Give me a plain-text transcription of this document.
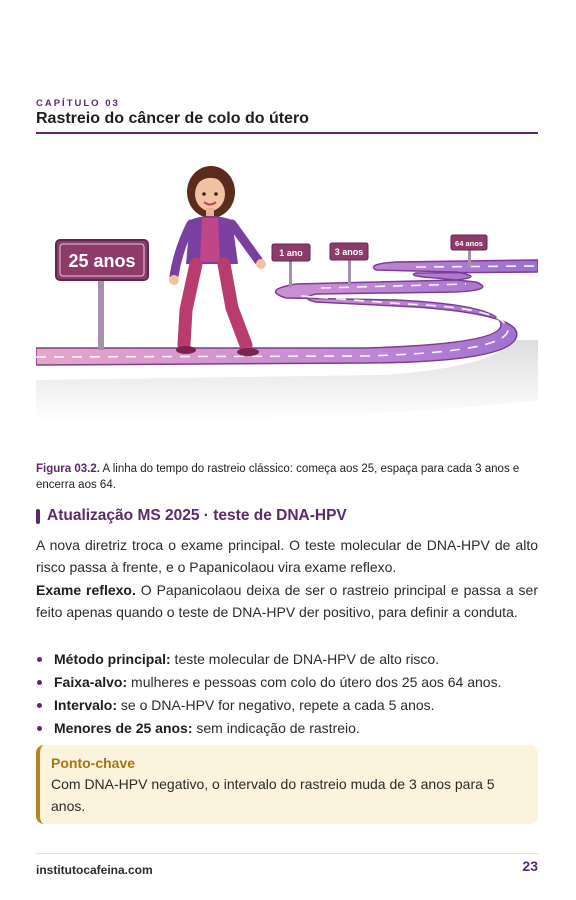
CAPÍTULO 03
Rastreio do câncer de colo do útero
25 anos	1 ano	3 anos
64 anos
Figura 03.2. A linha do tempo do rastreio clássico: começa aos 25, espaça para cada 3 anos e encerra aos 64.
Atualização MS 2025 · teste de DNA-HPV

A nova diretriz troca o exame principal. O teste molecular de DNA-HPV de alto risco passa à frente, e o Papanicolaou vira exame reflexo.

Exame reflexo. O Papanicolaou deixa de ser o rastreio principal e passa a ser feito apenas quando o teste de DNA-HPV der positivo, para definir a conduta.

Método principal: teste molecular de DNA-HPV de alto risco.
Faixa-alvo: mulheres e pessoas com colo do útero dos 25 aos 64 anos.
Intervalo: se o DNA-HPV for negativo, repete a cada 5 anos.
Menores de 25 anos: sem indicação de rastreio.
Ponto-chave
Com DNA-HPV negativo, o intervalo do rastreio muda de 3 anos para 5 anos.
institutocafeina.com	23
